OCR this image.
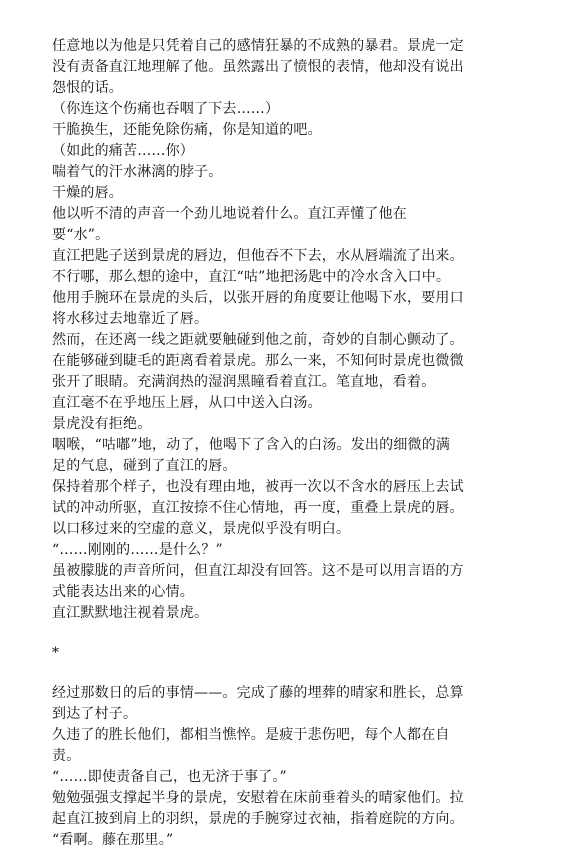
任意地以为他是只凭着自己的感情狂暴的不成熟的暴君。景虎一定
没有责备直江地理解了他。虽然露出了愤恨的表情，他却没有说出
怨恨的话。
（你连这个伤痛也吞咽了下去……）
干脆换生，还能免除伤痛，你是知道的吧。
（如此的痛苦……你）
喘着气的汗水淋漓的脖子。
干燥的唇。
他以听不清的声音一个劲儿地说着什么。直江弄懂了他在
要“水”。
直江把匙子送到景虎的唇边，但他吞不下去，水从唇端流了出来。
不行哪，那么想的途中，直江“咕”地把汤匙中的冷水含入口中。
他用手腕环在景虎的头后，以张开唇的角度要让他喝下水，要用口
将水移过去地靠近了唇。
然而，在还离一线之距就要触碰到他之前，奇妙的自制心颤动了。
在能够碰到睫毛的距离看着景虎。那么一来，不知何时景虎也微微
张开了眼睛。充满润热的湿润黑瞳看着直江。笔直地，看着。
直江毫不在乎地压上唇，从口中送入白汤。
景虎没有拒绝。
咽喉，“咕嘟”地，动了，他喝下了含入的白汤。发出的细微的满
足的气息，碰到了直江的唇。
保持着那个样子，也没有理由地，被再一次以不含水的唇压上去试
试的冲动所驱，直江按捺不住心情地，再一度，重叠上景虎的唇。
以口移过来的空虚的意义，景虎似乎没有明白。
“……刚刚的……是什么？”
虽被朦胧的声音所问，但直江却没有回答。这不是可以用言语的方
式能表达出来的心情。
直江默默地注视着景虎。
*
经过那数日的后的事情——。完成了藤的埋葬的晴家和胜长，总算
到达了村子。
久违了的胜长他们，都相当憔悴。是疲于悲伤吧，每个人都在自
责。
“……即使责备自己，也无济于事了。”
勉勉强强支撑起半身的景虎，安慰着在床前垂着头的晴家他们。拉
起直江披到肩上的羽织，景虎的手腕穿过衣袖，指着庭院的方向。
“看啊。藤在那里。”
